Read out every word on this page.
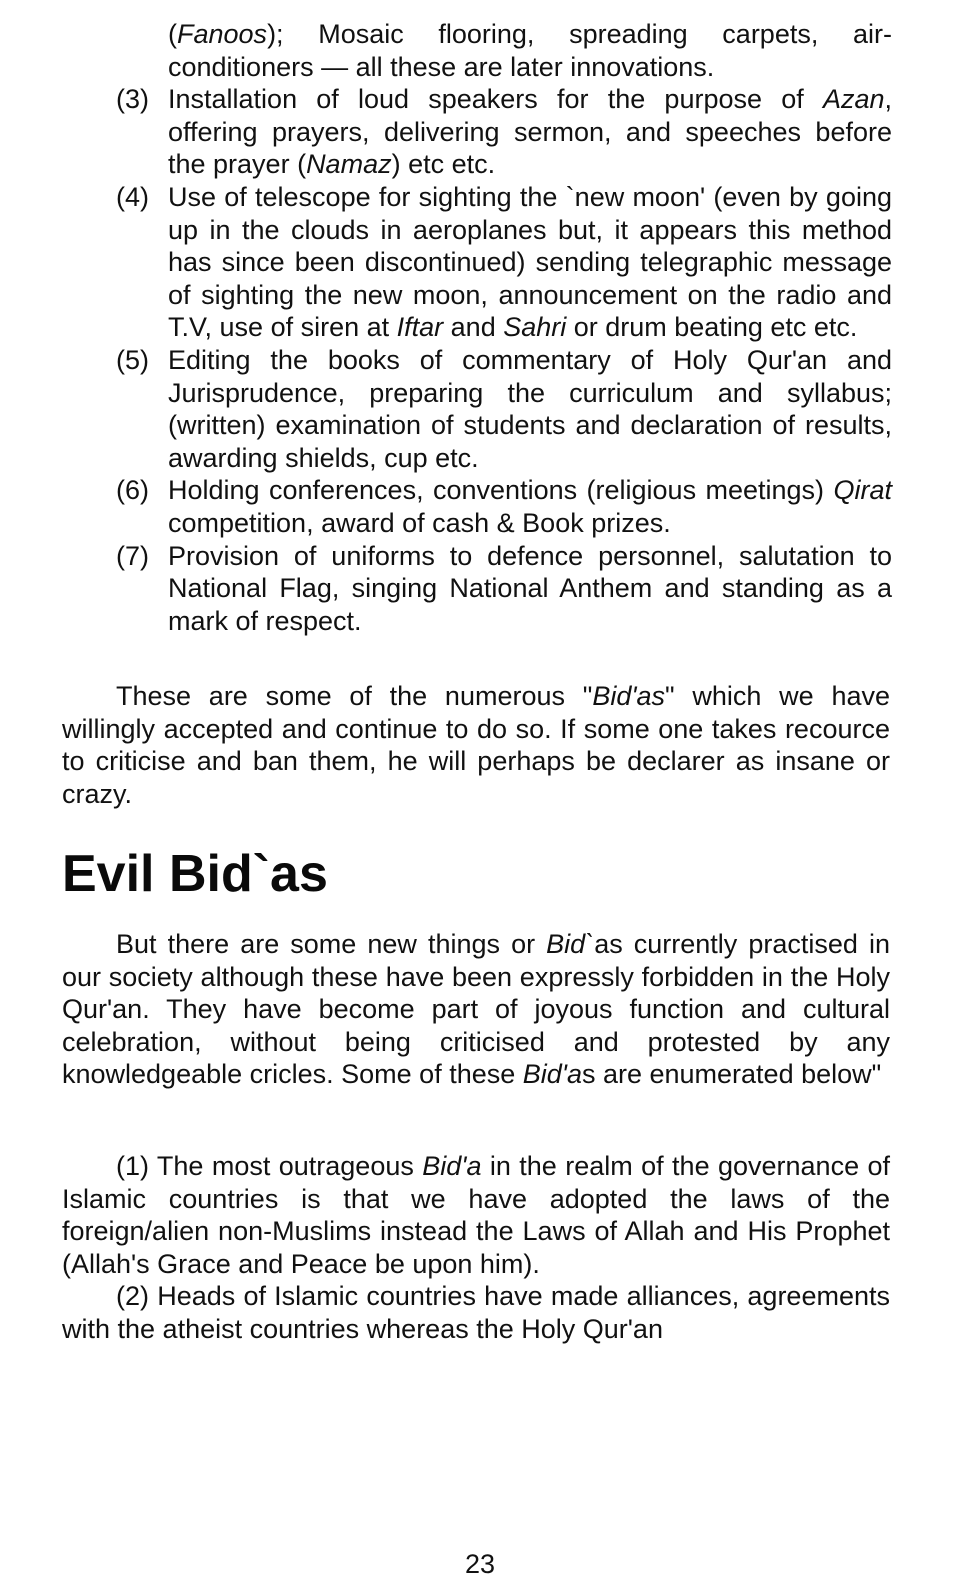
(Fanoos); Mosaic flooring, spreading carpets, air-conditioners — all these are later innovations.
(3) Installation of loud speakers for the purpose of Azan, offering prayers, delivering sermon, and speeches before the prayer (Namaz) etc etc.
(4) Use of telescope for sighting the `new moon' (even by going up in the clouds in aeroplanes but, it appears this method has since been discontinued) sending telegraphic message of sighting the new moon, announcement on the radio and T.V, use of siren at Iftar and Sahri or drum beating etc etc.
(5) Editing the books of commentary of Holy Qur'an and Jurisprudence, preparing the curriculum and syllabus; (written) examination of students and declaration of results, awarding shields, cup etc.
(6) Holding conferences, conventions (religious meetings) Qirat competition, award of cash & Book prizes.
(7) Provision of uniforms to defence personnel, salutation to National Flag, singing National Anthem and standing as a mark of respect.
These are some of the numerous "Bid'as" which we have willingly accepted and continue to do so. If some one takes recource to criticise and ban them, he will perhaps be declarer as insane or crazy.
Evil Bid`as
But there are some new things or Bid`as currently practised in our society although these have been expressly forbidden in the Holy Qur'an. They have become part of joyous function and cultural celebration, without being criticised and protested by any knowledgeable cricles. Some of these Bid'as are enumerated below"
(1) The most outrageous Bid'a in the realm of the governance of Islamic countries is that we have adopted the laws of the foreign/alien non-Muslims instead the Laws of Allah and His Prophet (Allah's Grace and Peace be upon him).
(2) Heads of Islamic countries have made alliances, agreements with the atheist countries whereas the Holy Qur'an
23
